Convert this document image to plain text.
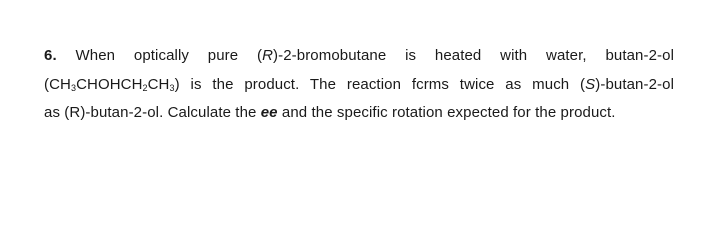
6. When optically pure (R)-2-bromobutane is heated with water, butan-2-ol
$(CH_3CHOHCH_2CH_3)$ is the product. The reaction fcrms twice as much (S)-butan-2-ol
as (R)-butan-2-ol. Calculate the ee and the specific rotation expected for the product.
